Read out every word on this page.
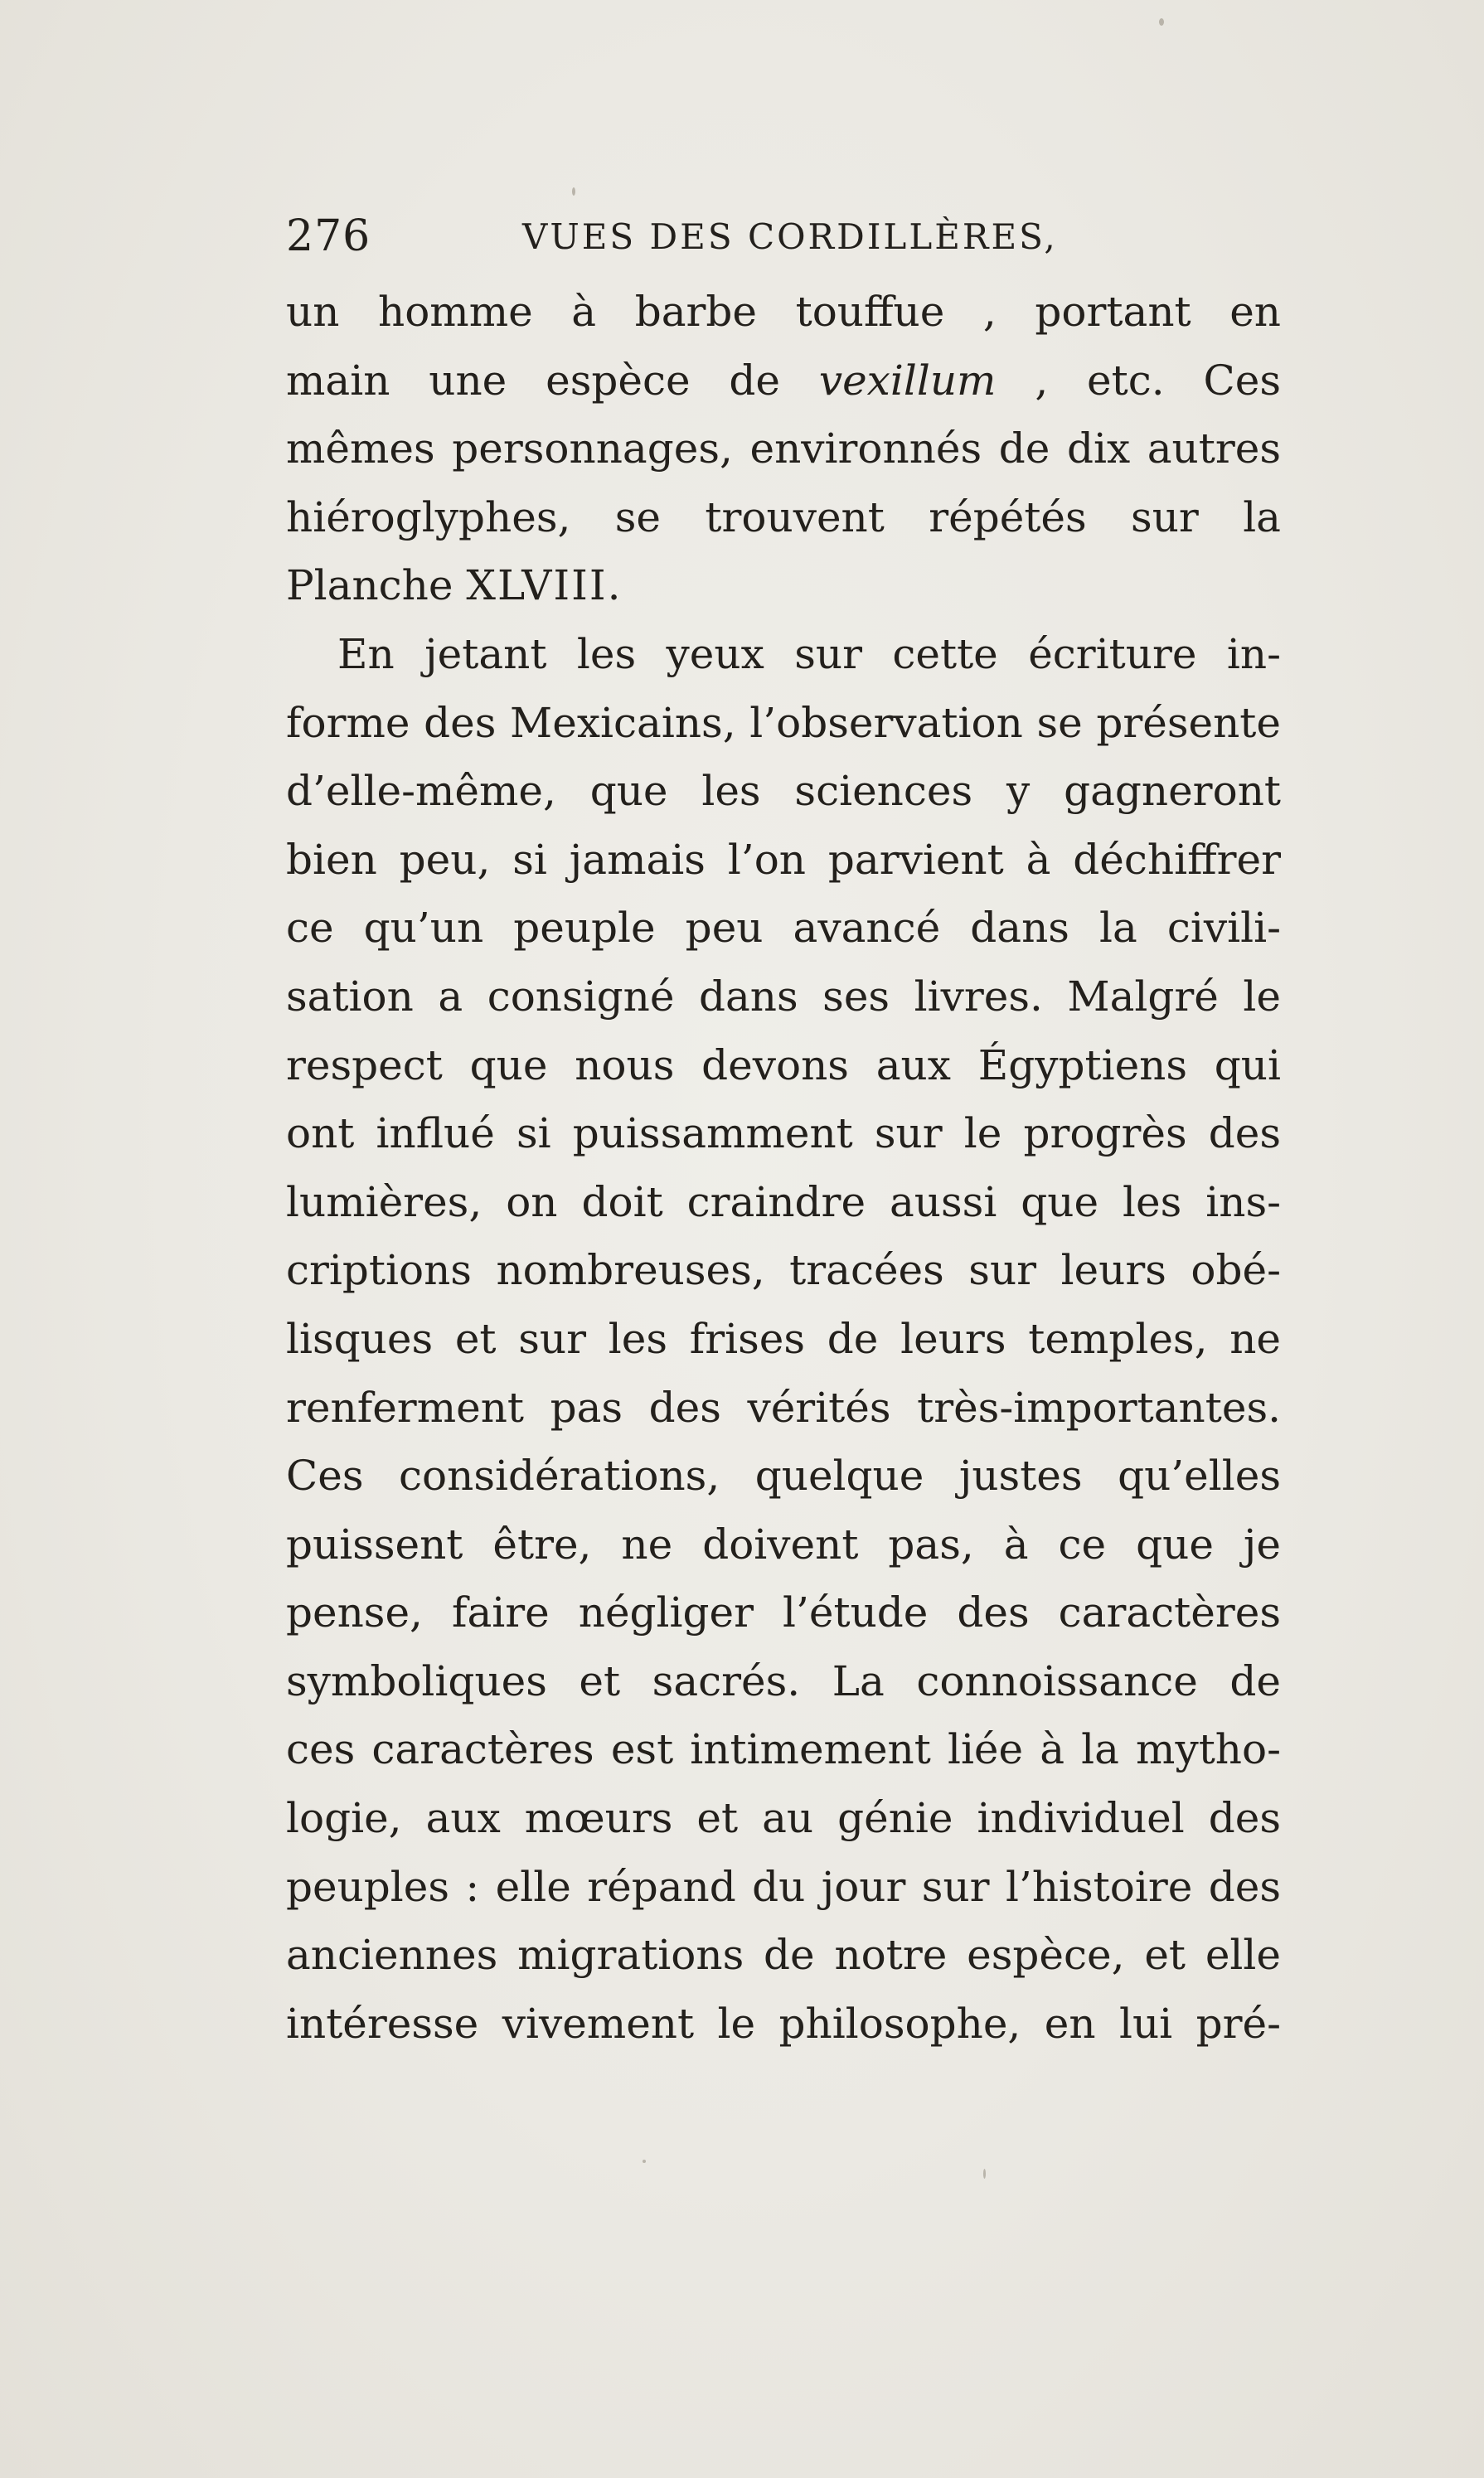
276	VUES DES CORDILLÈRES,
un homme à barbe touffue , portant en
main une espèce de vexillum , etc. Ces
mêmes personnages, environnés de dix autres
hiéroglyphes, se trouvent répétés sur la
Planche XLVIII.
En jetant les yeux sur cette écriture in-
forme des Mexicains, l’observation se présente
d’elle-même, que les sciences y gagneront
bien peu, si jamais l’on parvient à déchiffrer
ce qu’un peuple peu avancé dans la civili-
sation a consigné dans ses livres. Malgré le
respect que nous devons aux Égyptiens qui
ont influé si puissamment sur le progrès des
lumières, on doit craindre aussi que les ins-
criptions nombreuses, tracées sur leurs obé-
lisques et sur les frises de leurs temples, ne
renferment pas des vérités très-importantes.
Ces considérations, quelque justes qu’elles
puissent être, ne doivent pas, à ce que je
pense, faire négliger l’étude des caractères
symboliques et sacrés. La connoissance de
ces caractères est intimement liée à la mytho-
logie, aux mœurs et au génie individuel des
peuples : elle répand du jour sur l’histoire des
anciennes migrations de notre espèce, et elle
intéresse vivement le philosophe, en lui pré-
